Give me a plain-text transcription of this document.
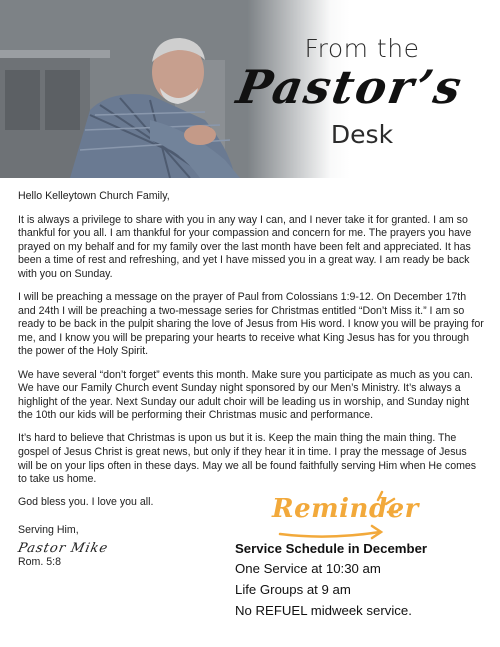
From the
Pastor’s
Desk

Hello Kelleytown Church Family,

It is always a privilege to share with you in any way I can, and I never take it for granted. I am so thankful for you all. I am thankful for your compassion and concern for me. The prayers you have prayed on my behalf and for my family over the last month have been felt and appreciated. It has been a time of rest and refreshing, and yet I have missed you in a great way. I am ready be back with you on Sunday.

I will be preaching a message on the prayer of Paul from Colossians 1:9-12. On December 17th and 24th I will be preaching a two-message series for Christmas entitled “Don’t Miss it.” I am so ready to be back in the pulpit sharing the love of Jesus from His word. I know you will be praying for me, and I know you will be preparing your hearts to receive what King Jesus has for you through the power of the Holy Spirit.

We have several “don’t forget” events this month. Make sure you participate as much as you can. We have our Family Church event Sunday night sponsored by our Men’s Ministry. It’s always a highlight of the year. Next Sunday our adult choir will be leading us in worship, and Sunday night the 10th our kids will be performing their Christmas music and performance.

It’s hard to believe that Christmas is upon us but it is. Keep the main thing the main thing. The gospel of Jesus Christ is great news, but only if they hear it in time. I pray the message of Jesus will be on your lips often in these days. May we all be found faithfully serving Him when He comes to take us home.

God bless you. I love you all.

Serving Him,
Pastor Mike
Rom. 5:8
Reminder
Service Schedule in December
One Service at 10:30 am
Life Groups at 9 am
No REFUEL midweek service.
